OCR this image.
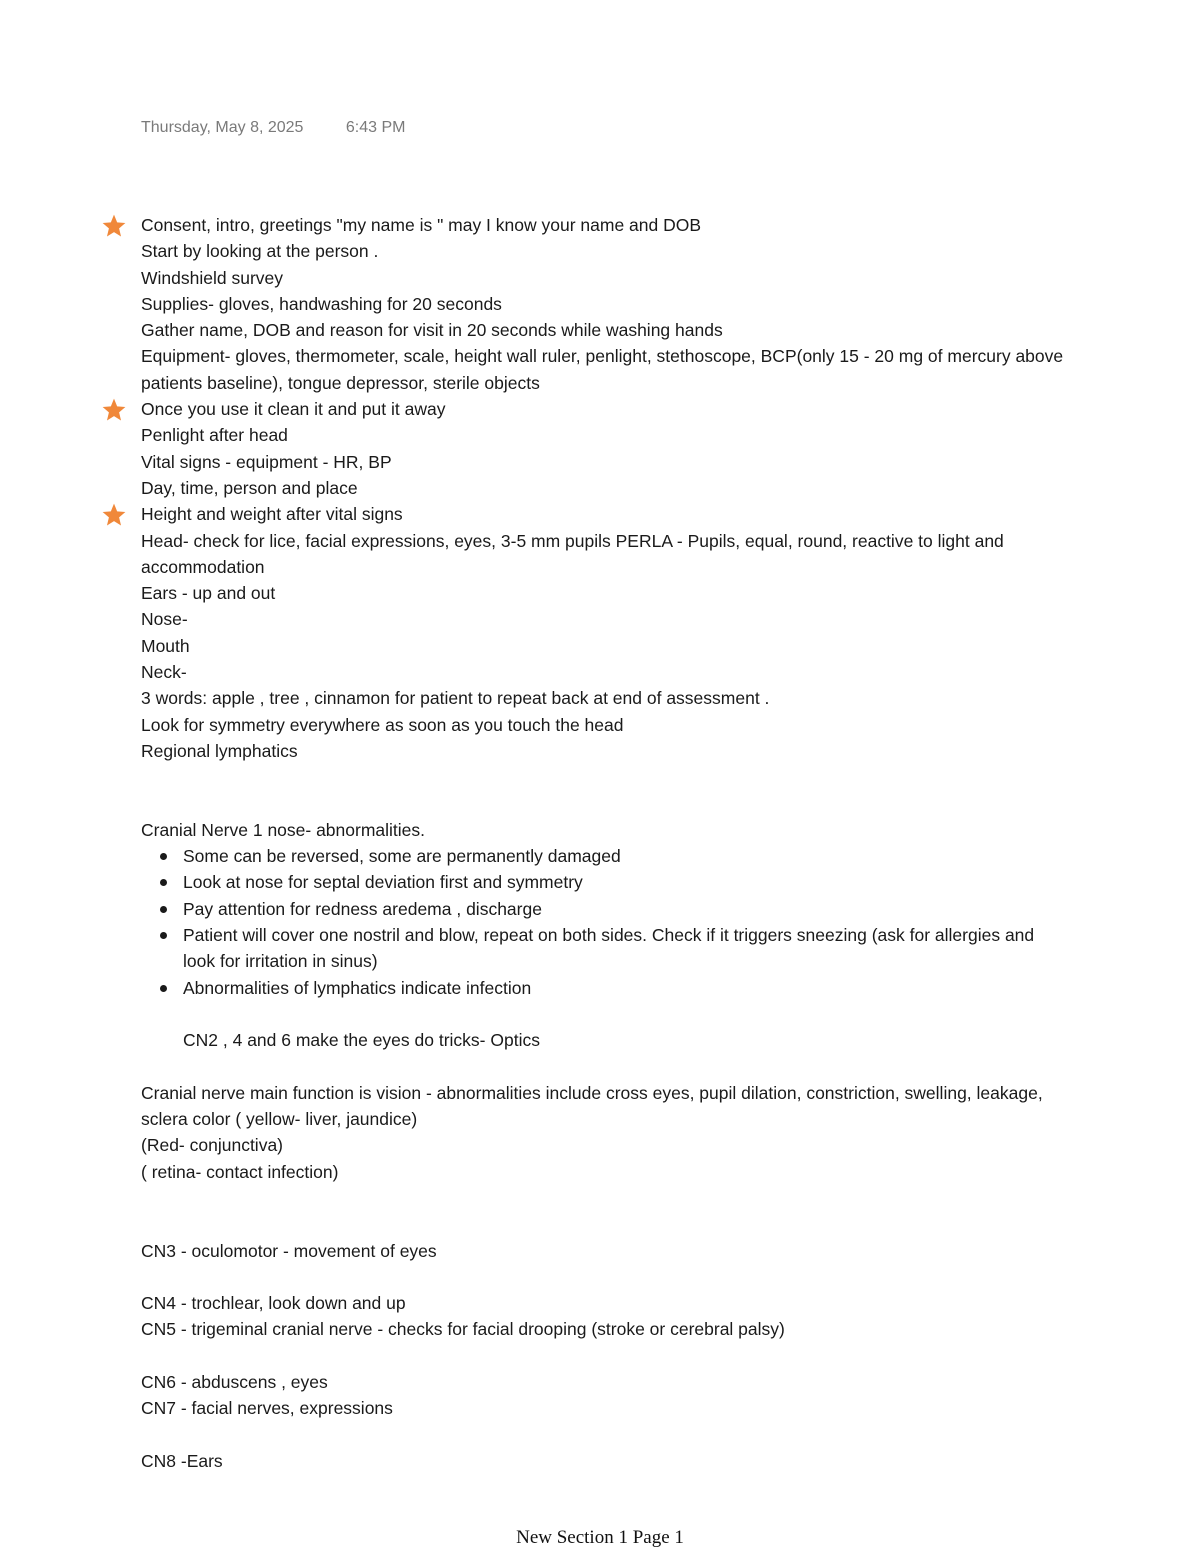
Thursday, May 8, 2025	6:43 PM
Consent, intro, greetings "my name is " may I know your name and DOB
Start by looking at the person .
Windshield survey
Supplies- gloves, handwashing for 20 seconds
Gather name, DOB and reason for visit in 20 seconds while washing hands
Equipment- gloves, thermometer, scale, height wall ruler, penlight, stethoscope, BCP(only 15 - 20 mg of mercury above patients baseline), tongue depressor, sterile objects
Once you use it clean it and put it away
Penlight after head
Vital signs - equipment - HR, BP
Day, time, person and place
Height and weight after vital signs
Head- check for lice, facial expressions, eyes, 3-5 mm pupils PERLA - Pupils, equal, round, reactive to light and accommodation
Ears - up and out
Nose-
Mouth
Neck-
3 words: apple , tree , cinnamon for patient to repeat back at end of assessment .
Look for symmetry everywhere as soon as you touch the head
Regional lymphatics
Cranial Nerve 1 nose- abnormalities.
Some can be reversed, some are permanently damaged
Look at nose for septal deviation first and symmetry
Pay attention for redness aredema , discharge
Patient will cover one nostril and blow, repeat on both sides. Check if it triggers sneezing (ask for allergies and look for irritation in sinus)
Abnormalities of lymphatics indicate infection
CN2 , 4 and 6 make the eyes do tricks- Optics
Cranial nerve main function is vision - abnormalities include cross eyes, pupil dilation, constriction, swelling, leakage, sclera color ( yellow- liver, jaundice)
(Red- conjunctiva)
( retina- contact infection)
CN3 - oculomotor - movement of eyes
CN4 - trochlear, look down and up
CN5 - trigeminal cranial nerve - checks for facial drooping (stroke or cerebral palsy)
CN6 - abduscens , eyes
CN7 - facial nerves, expressions
CN8 -Ears
New Section 1 Page 1
